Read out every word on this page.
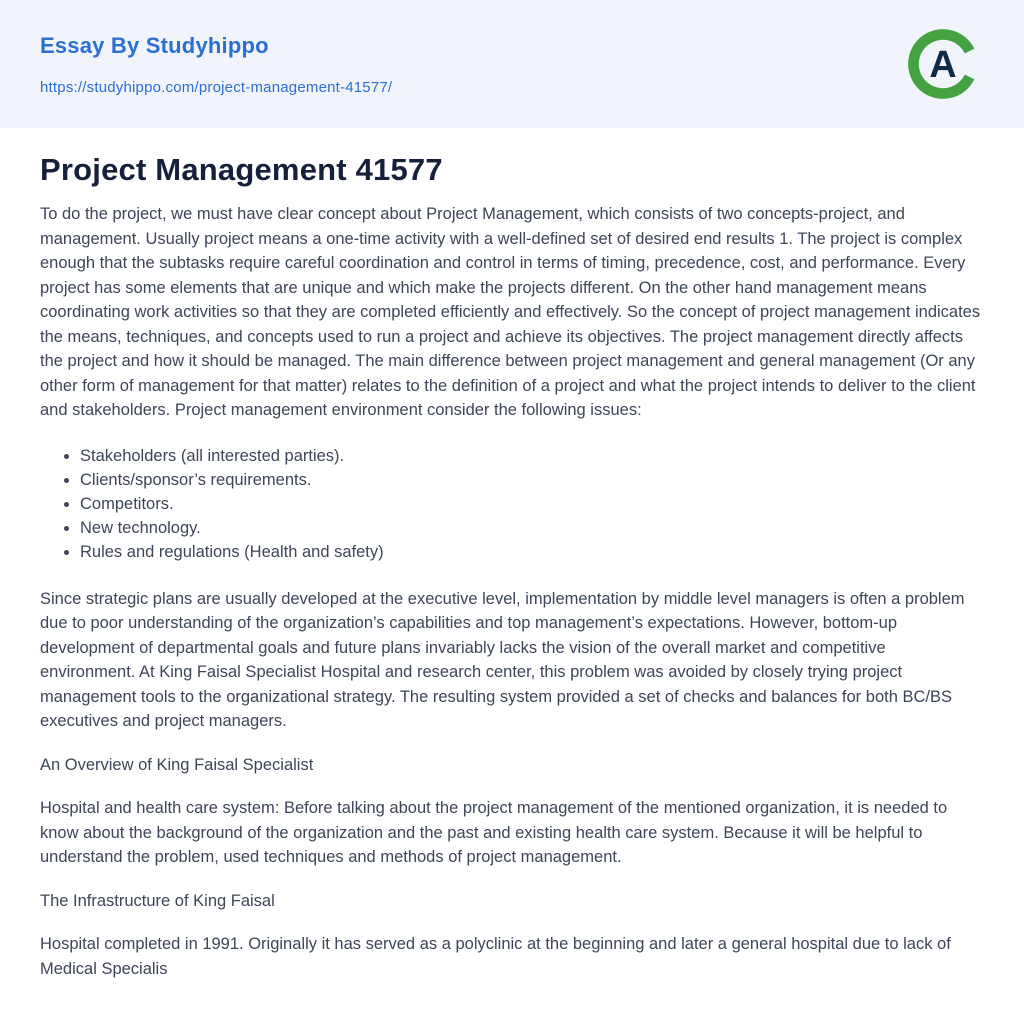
Essay By Studyhippo
https://studyhippo.com/project-management-41577/
A
Project Management 41577

To do the project, we must have clear concept about Project Management, which consists of two concepts-project, and management. Usually project means a one-time activity with a well-defined set of desired end results 1. The project is complex enough that the subtasks require careful coordination and control in terms of timing, precedence, cost, and performance. Every project has some elements that are unique and which make the projects different. On the other hand management means coordinating work activities so that they are completed efficiently and effectively. So the concept of project management indicates the means, techniques, and concepts used to run a project and achieve its objectives. The project management directly affects the project and how it should be managed. The main difference between project management and general management (Or any other form of management for that matter) relates to the definition of a project and what the project intends to deliver to the client and stakeholders. Project management environment consider the following issues:

• Stakeholders (all interested parties).
• Clients/sponsor’s requirements.
• Competitors.
• New technology.
• Rules and regulations (Health and safety)

Since strategic plans are usually developed at the executive level, implementation by middle level managers is often a problem due to poor understanding of the organization’s capabilities and top management’s expectations. However, bottom-up development of departmental goals and future plans invariably lacks the vision of the overall market and competitive environment. At King Faisal Specialist Hospital and research center, this problem was avoided by closely trying project management tools to the organizational strategy. The resulting system provided a set of checks and balances for both BC/BS executives and project managers.

An Overview of King Faisal Specialist

Hospital and health care system: Before talking about the project management of the mentioned organization, it is needed to know about the background of the organization and the past and existing health care system. Because it will be helpful to understand the problem, used techniques and methods of project management.

The Infrastructure of King Faisal

Hospital completed in 1991. Originally it has served as a polyclinic at the beginning and later a general hospital due to lack of Medical Specialis
